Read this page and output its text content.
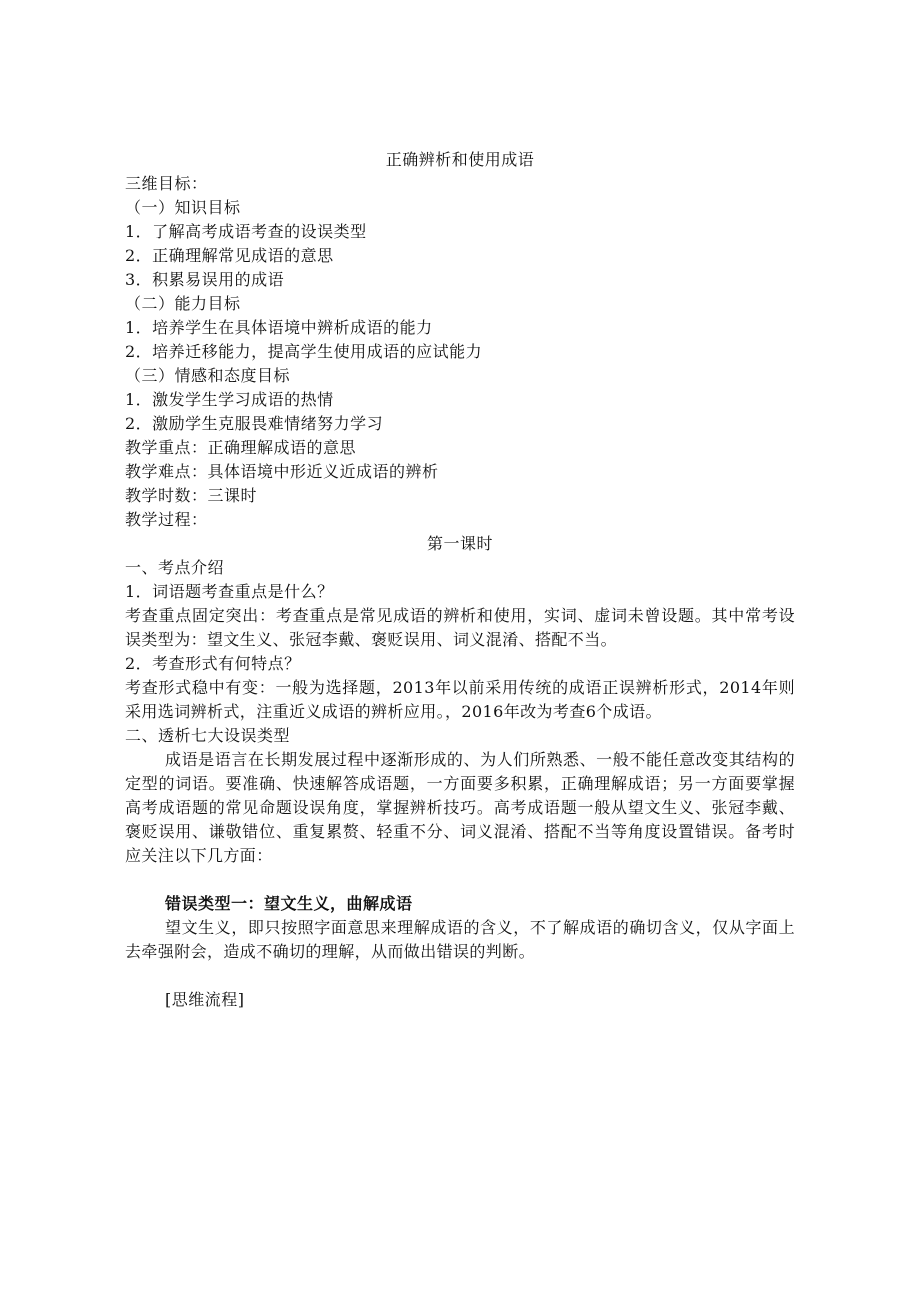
正确辨析和使用成语
三维目标：
（一）知识目标
1．了解高考成语考查的设误类型
2．正确理解常见成语的意思
3．积累易误用的成语
（二）能力目标
1．培养学生在具体语境中辨析成语的能力
2．培养迁移能力，提高学生使用成语的应试能力
（三）情感和态度目标
1．激发学生学习成语的热情
2．激励学生克服畏难情绪努力学习
教学重点：正确理解成语的意思
教学难点：具体语境中形近义近成语的辨析
教学时数：三课时
教学过程：
第一课时
一、考点介绍
1．词语题考查重点是什么？

考查重点固定突出：考查重点是常见成语的辨析和使用，实词、虚词未曾设题。其中常考设误类型为：望文生义、张冠李戴、褒贬误用、词义混淆、搭配不当。

2．考查形式有何特点？

考查形式稳中有变：一般为选择题，2013年以前采用传统的成语正误辨析形式，2014年则采用选词辨析式，注重近义成语的辨析应用。，2016年改为考查6个成语。

二、透析七大设误类型

成语是语言在长期发展过程中逐渐形成的、为人们所熟悉、一般不能任意改变其结构的定型的词语。要准确、快速解答成语题，一方面要多积累，正确理解成语；另一方面要掌握高考成语题的常见命题设误角度，掌握辨析技巧。高考成语题一般从望文生义、张冠李戴、褒贬误用、谦敬错位、重复累赘、轻重不分、词义混淆、搭配不当等角度设置错误。备考时应关注以下几方面：

错误类型一：望文生义，曲解成语

望文生义，即只按照字面意思来理解成语的含义，不了解成语的确切含义，仅从字面上去牵强附会，造成不确切的理解，从而做出错误的判断。

[思维流程]
